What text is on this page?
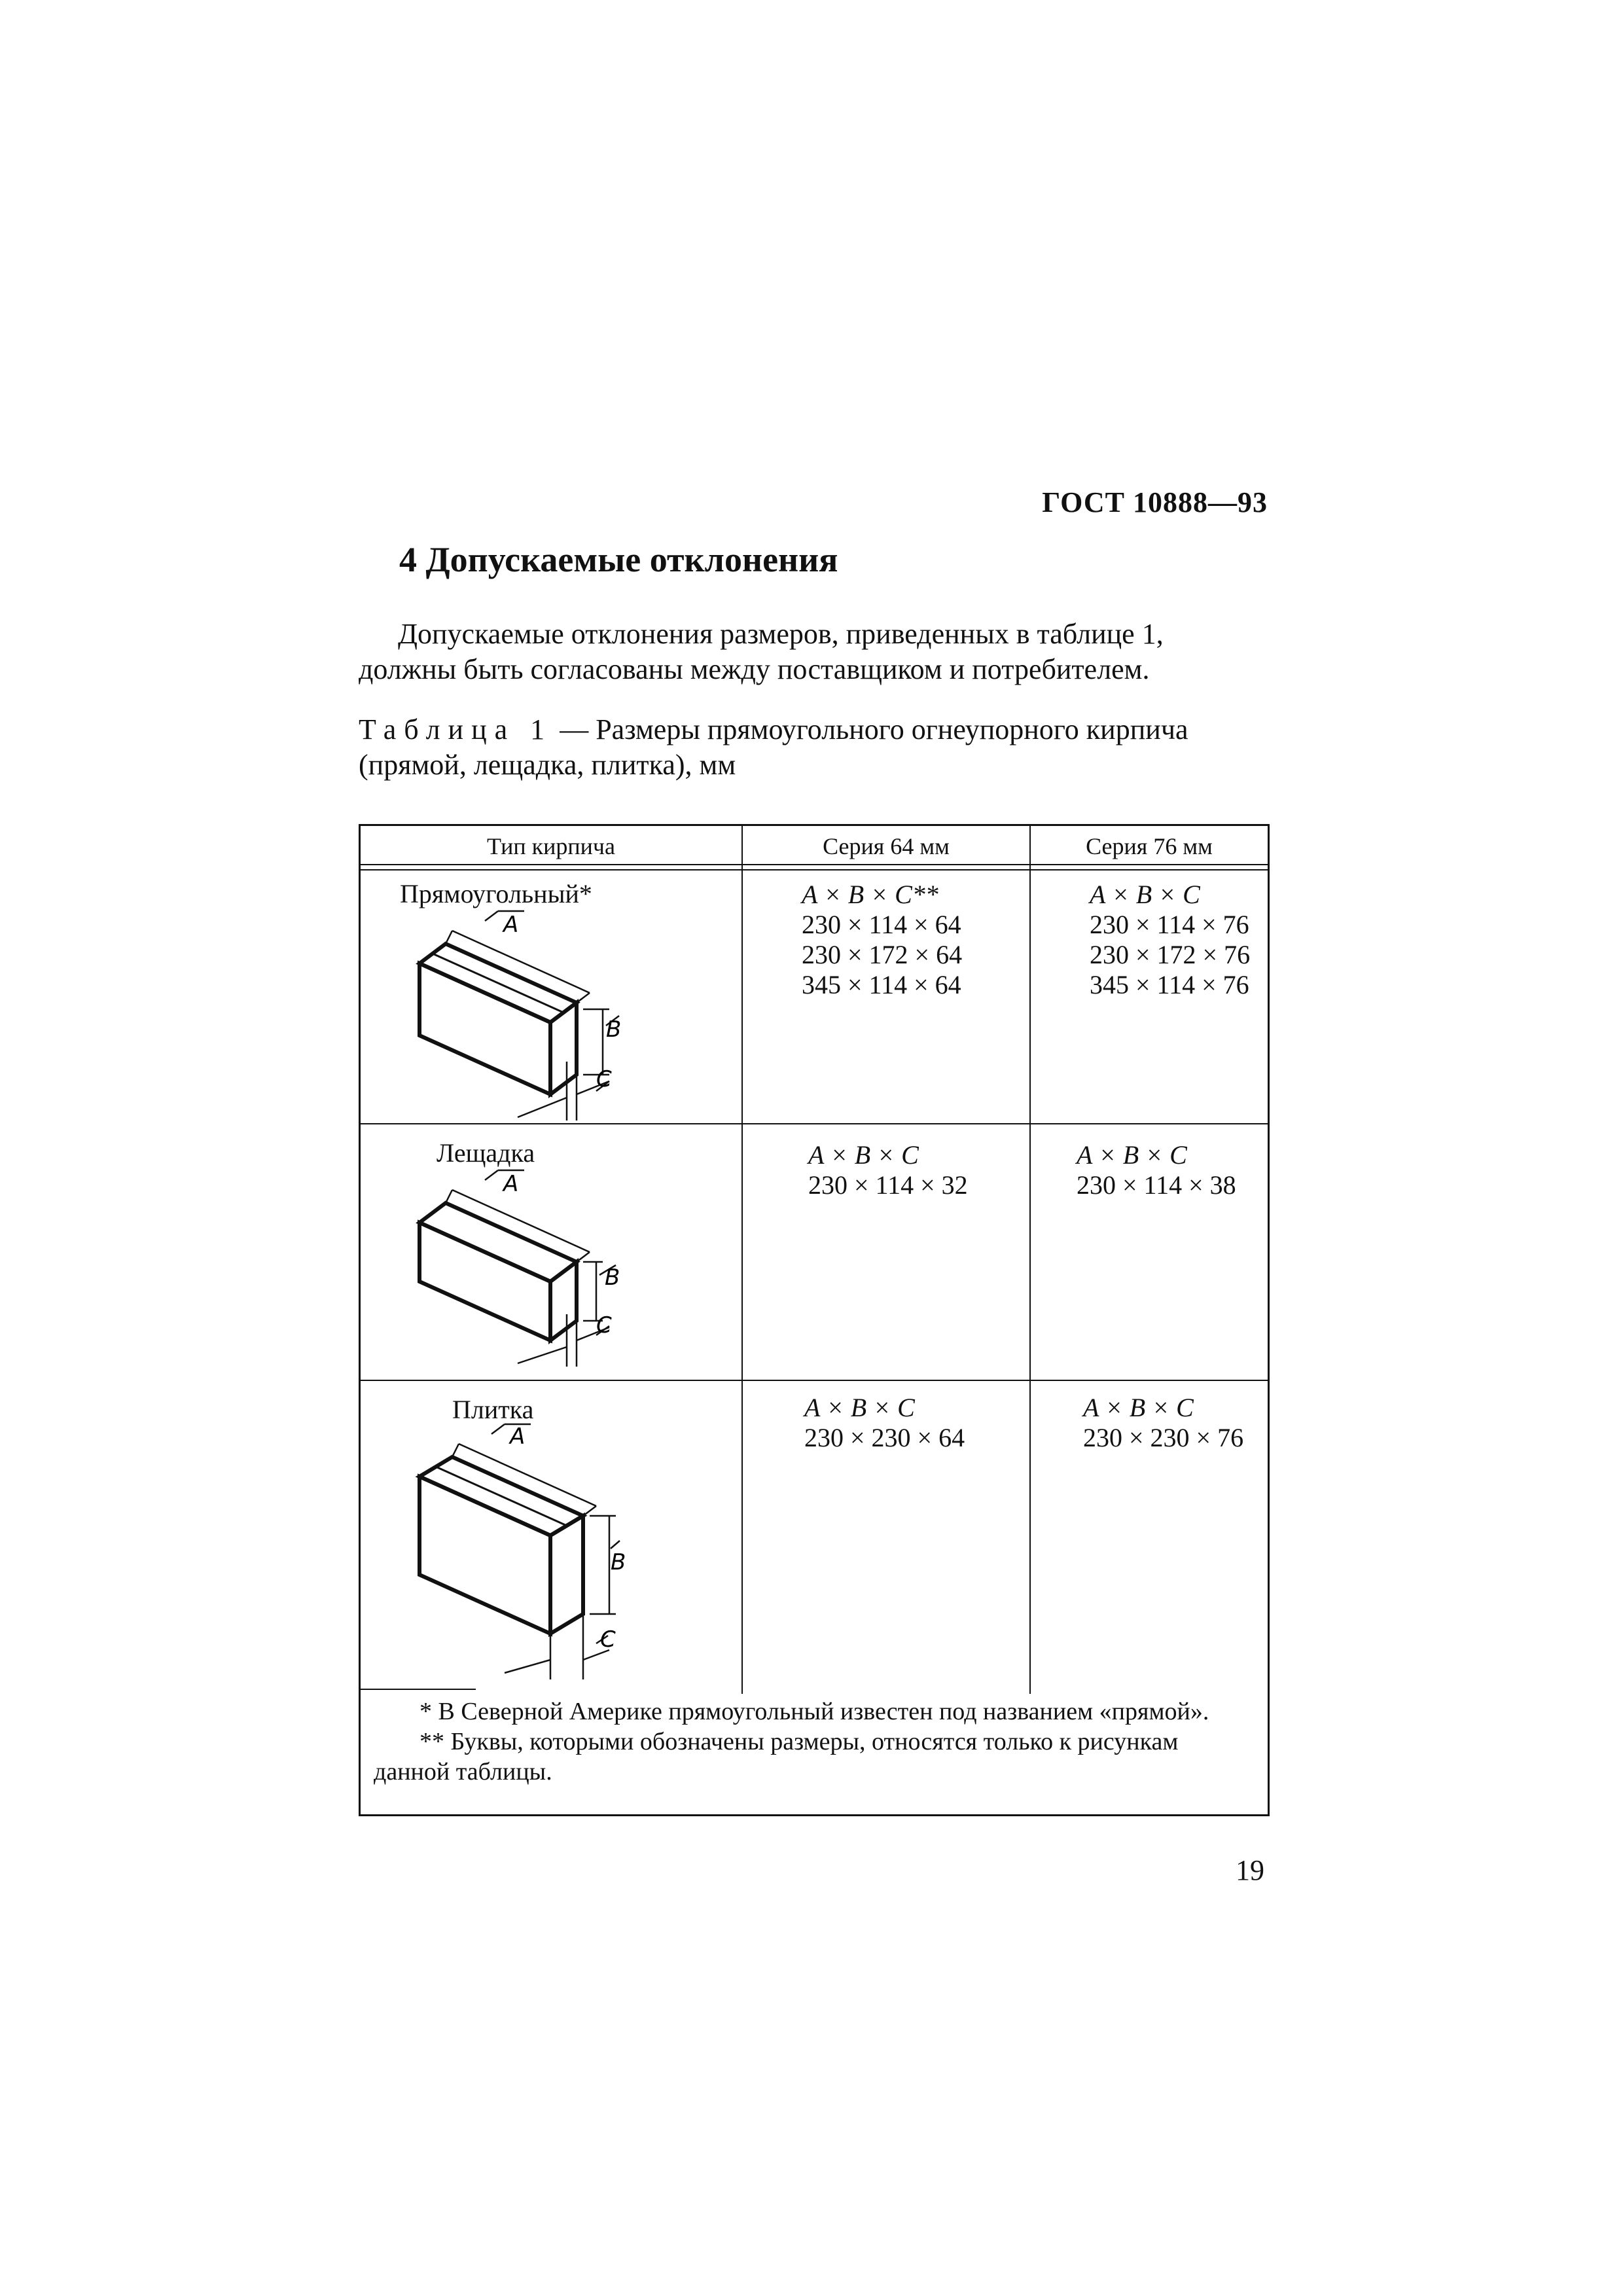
ГОСТ 10888—93
4 Допускаемые отклонения

Допускаемые отклонения размеров, приведенных в таблице 1,

должны быть согласованы между поставщиком и потребителем.

Таблица 1 — Размеры прямоугольного огнеупорного кирпича

(прямой, лещадка, плитка), мм

Тип кирпича	Серия 64 мм	Серия 76 мм
Прямоугольный*
A
B
C
A × B × C**
230 × 114 × 64
230 × 172 × 64
345 × 114 × 64
A × B × C
230 × 114 × 76
230 × 172 × 76
345 × 114 × 76
Лещадка
A
B
C
A × B × C
230 × 114 × 32
A × B × C
230 × 114 × 38
Плитка
A
B
C
A × B × C
230 × 230 × 64
A × B × C
230 × 230 × 76

* В Северной Америке прямоугольный известен под названием «прямой».

** Буквы, которыми обозначены размеры, относятся только к рисункам данной таблицы.

19
